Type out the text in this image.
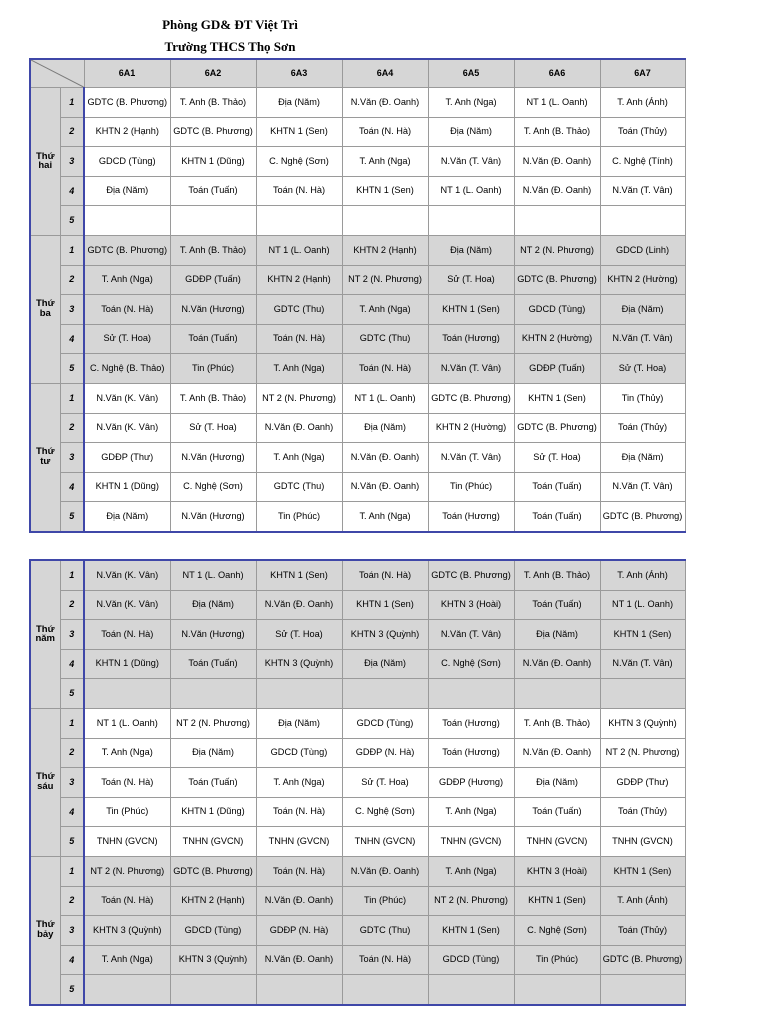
Phòng GD& ĐT Việt Trì
Trường THCS Thọ Sơn
	6A1	6A2	6A3	6A4	6A5	6A6	6A7
Thứ
hai	1	GDTC (B. Phương)	T. Anh (B. Thảo)	Địa (Năm)	N.Văn (Đ. Oanh)	T. Anh (Nga)	NT 1 (L. Oanh)	T. Anh (Ánh)
	2	KHTN 2 (Hạnh)	GDTC (B. Phương)	KHTN 1 (Sen)	Toán (N. Hà)	Địa (Năm)	T. Anh (B. Thảo)	Toán (Thủy)
	3	GDCD (Tùng)	KHTN 1 (Dũng)	C. Nghệ (Sơn)	T. Anh (Nga)	N.Văn (T. Vân)	N.Văn (Đ. Oanh)	C. Nghệ (Tính)
	4	Địa (Năm)	Toán (Tuấn)	Toán (N. Hà)	KHTN 1 (Sen)	NT 1 (L. Oanh)	N.Văn (Đ. Oanh)	N.Văn (T. Vân)
	5							
Thứ
ba	1	GDTC (B. Phương)	T. Anh (B. Thảo)	NT 1 (L. Oanh)	KHTN 2 (Hạnh)	Địa (Năm)	NT 2 (N. Phương)	GDCD (Linh)
	2	T. Anh (Nga)	GDĐP (Tuấn)	KHTN 2 (Hạnh)	NT 2 (N. Phương)	Sử (T. Hoa)	GDTC (B. Phương)	KHTN 2 (Hường)
	3	Toán (N. Hà)	N.Văn (Hương)	GDTC (Thu)	T. Anh (Nga)	KHTN 1 (Sen)	GDCD (Tùng)	Địa (Năm)
	4	Sử (T. Hoa)	Toán (Tuấn)	Toán (N. Hà)	GDTC (Thu)	Toán (Hương)	KHTN 2 (Hường)	N.Văn (T. Vân)
	5	C. Nghệ (B. Thảo)	Tin (Phúc)	T. Anh (Nga)	Toán (N. Hà)	N.Văn (T. Vân)	GDĐP (Tuấn)	Sử (T. Hoa)
Thứ
tư	1	N.Văn (K. Vân)	T. Anh (B. Thảo)	NT 2 (N. Phương)	NT 1 (L. Oanh)	GDTC (B. Phương)	KHTN 1 (Sen)	Tin (Thủy)
	2	N.Văn (K. Vân)	Sử (T. Hoa)	N.Văn (Đ. Oanh)	Địa (Năm)	KHTN 2 (Hường)	GDTC (B. Phương)	Toán (Thủy)
	3	GDĐP (Thư)	N.Văn (Hương)	T. Anh (Nga)	N.Văn (Đ. Oanh)	N.Văn (T. Vân)	Sử (T. Hoa)	Địa (Năm)
	4	KHTN 1 (Dũng)	C. Nghệ (Sơn)	GDTC (Thu)	N.Văn (Đ. Oanh)	Tin (Phúc)	Toán (Tuấn)	N.Văn (T. Vân)
	5	Địa (Năm)	N.Văn (Hương)	Tin (Phúc)	T. Anh (Nga)	Toán (Hương)	Toán (Tuấn)	GDTC (B. Phương)
Thứ
năm	1	N.Văn (K. Vân)	NT 1 (L. Oanh)	KHTN 1 (Sen)	Toán (N. Hà)	GDTC (B. Phương)	T. Anh (B. Thảo)	T. Anh (Ánh)
	2	N.Văn (K. Vân)	Địa (Năm)	N.Văn (Đ. Oanh)	KHTN 1 (Sen)	KHTN 3 (Hoài)	Toán (Tuấn)	NT 1 (L. Oanh)
	3	Toán (N. Hà)	N.Văn (Hương)	Sử (T. Hoa)	KHTN 3 (Quỳnh)	N.Văn (T. Vân)	Địa (Năm)	KHTN 1 (Sen)
	4	KHTN 1 (Dũng)	Toán (Tuấn)	KHTN 3 (Quỳnh)	Địa (Năm)	C. Nghệ (Sơn)	N.Văn (Đ. Oanh)	N.Văn (T. Vân)
	5							
Thứ
sáu	1	NT 1 (L. Oanh)	NT 2 (N. Phương)	Địa (Năm)	GDCD (Tùng)	Toán (Hương)	T. Anh (B. Thảo)	KHTN 3 (Quỳnh)
	2	T. Anh (Nga)	Địa (Năm)	GDCD (Tùng)	GDĐP (N. Hà)	Toán (Hương)	N.Văn (Đ. Oanh)	NT 2 (N. Phương)
	3	Toán (N. Hà)	Toán (Tuấn)	T. Anh (Nga)	Sử (T. Hoa)	GDĐP (Hương)	Địa (Năm)	GDĐP (Thư)
	4	Tin (Phúc)	KHTN 1 (Dũng)	Toán (N. Hà)	C. Nghệ (Sơn)	T. Anh (Nga)	Toán (Tuấn)	Toán (Thủy)
	5	TNHN (GVCN)	TNHN (GVCN)	TNHN (GVCN)	TNHN (GVCN)	TNHN (GVCN)	TNHN (GVCN)	TNHN (GVCN)
Thứ
bảy	1	NT 2 (N. Phương)	GDTC (B. Phương)	Toán (N. Hà)	N.Văn (Đ. Oanh)	T. Anh (Nga)	KHTN 3 (Hoài)	KHTN 1 (Sen)
	2	Toán (N. Hà)	KHTN 2 (Hạnh)	N.Văn (Đ. Oanh)	Tin (Phúc)	NT 2 (N. Phương)	KHTN 1 (Sen)	T. Anh (Ánh)
	3	KHTN 3 (Quỳnh)	GDCD (Tùng)	GDĐP (N. Hà)	GDTC (Thu)	KHTN 1 (Sen)	C. Nghệ (Sơn)	Toán (Thủy)
	4	T. Anh (Nga)	KHTN 3 (Quỳnh)	N.Văn (Đ. Oanh)	Toán (N. Hà)	GDCD (Tùng)	Tin (Phúc)	GDTC (B. Phương)
	5							
